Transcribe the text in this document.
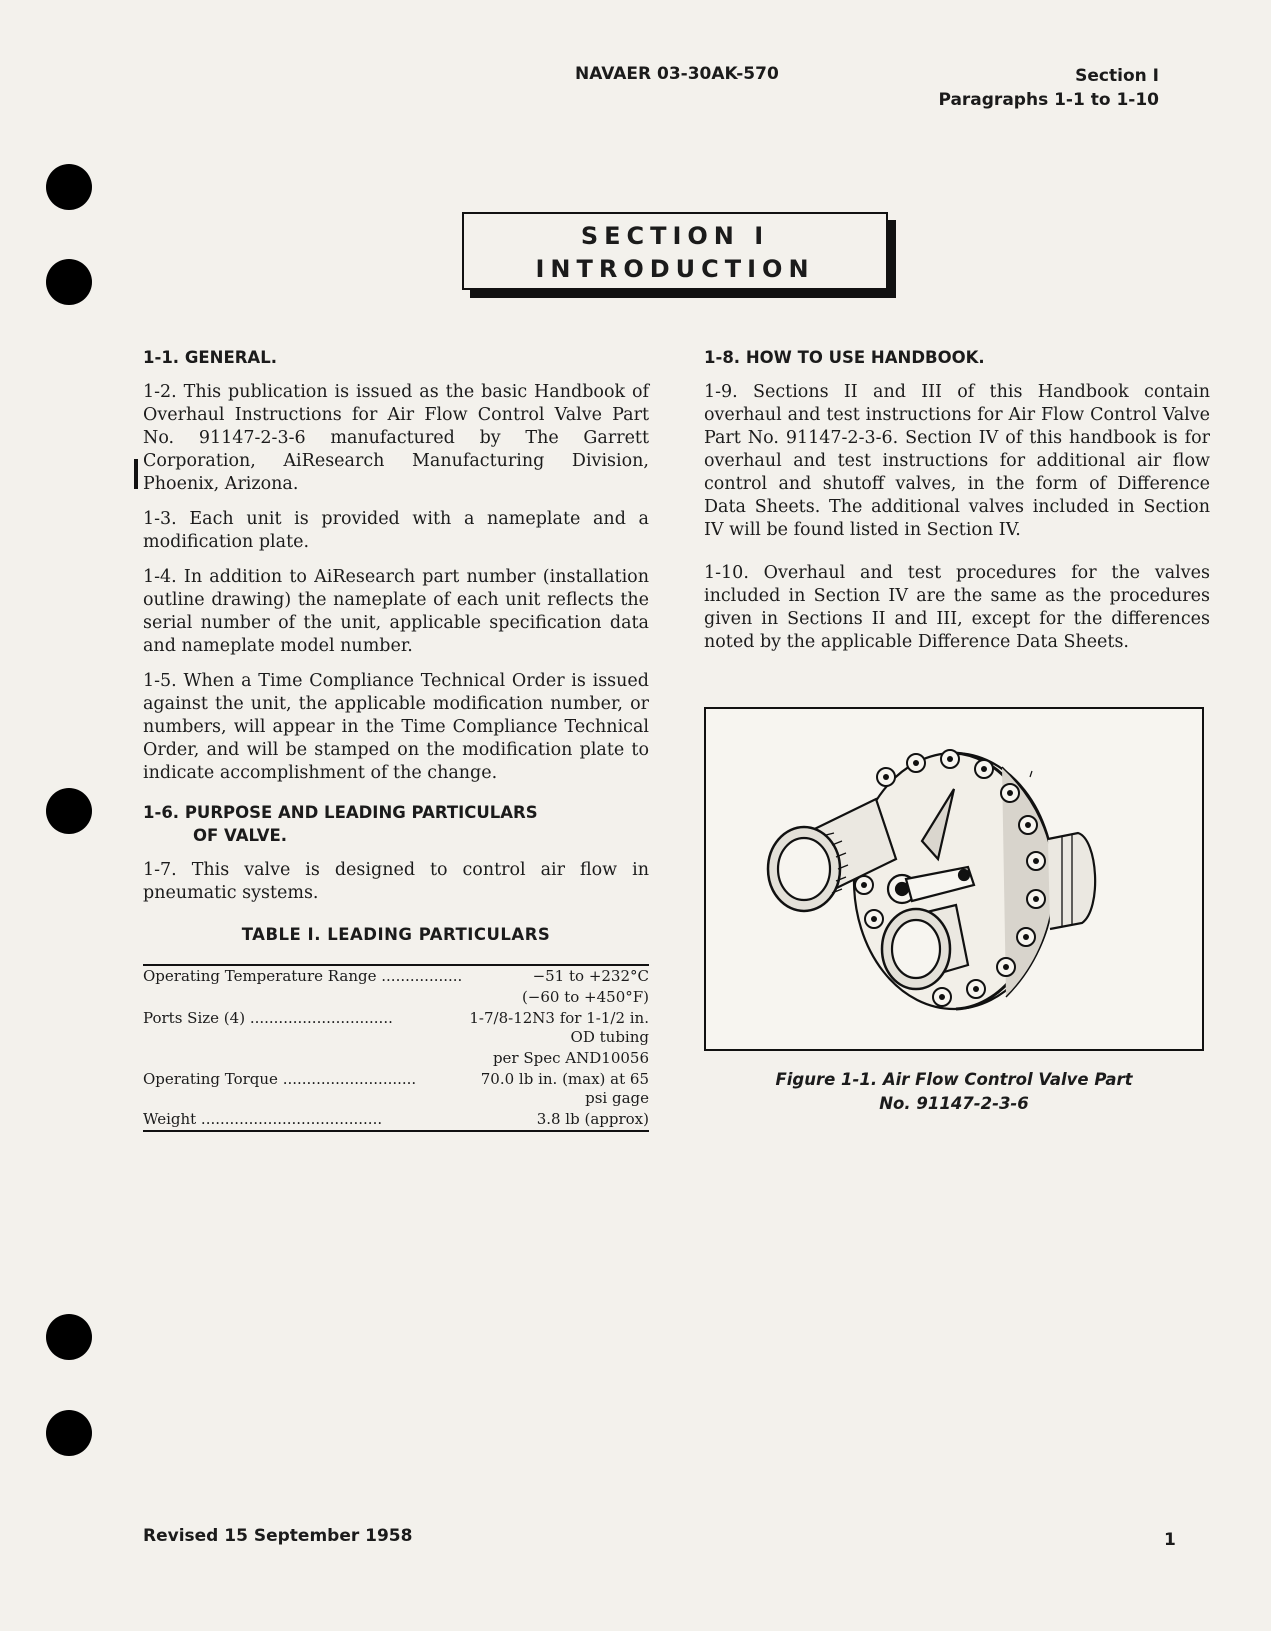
NAVAER 03-30AK-570	Section I
Paragraphs 1-1 to 1-10
SECTION I
INTRODUCTION
1-1. GENERAL.

1-2. This publication is issued as the basic Handbook of Overhaul Instructions for Air Flow Control Valve Part No. 91147-2-3-6 manufactured by The Garrett Corporation, AiResearch Manufacturing Division, Phoenix, Arizona.

1-3. Each unit is provided with a nameplate and a modification plate.

1-4. In addition to AiResearch part number (installation outline drawing) the nameplate of each unit reflects the serial number of the unit, applicable specification data and nameplate model number.

1-5. When a Time Compliance Technical Order is issued against the unit, the applicable modification number, or numbers, will appear in the Time Compliance Technical Order, and will be stamped on the modification plate to indicate accomplishment of the change.

1-6. PURPOSE AND LEADING PARTICULARS
OF VALVE.

1-7. This valve is designed to control air flow in pneumatic systems.

TABLE I. LEADING PARTICULARS
Operating Temperature Range .................	−51 to +232°C
	(−60 to +450°F)
Ports Size (4) ..............................	1-7/8-12N3 for 1-1/2 in. OD tubing
	per Spec AND10056
Operating Torque ............................	70.0 lb in. (max) at 65 psi gage
Weight ......................................	3.8 lb (approx)
1-8. HOW TO USE HANDBOOK.

1-9. Sections II and III of this Handbook contain overhaul and test instructions for Air Flow Control Valve Part No. 91147-2-3-6. Section IV of this handbook is for overhaul and test instructions for additional air flow control and shutoff valves, in the form of Difference Data Sheets. The additional valves included in Section IV will be found listed in Section IV.

1-10. Overhaul and test procedures for the valves included in Section IV are the same as the procedures given in Sections II and III, except for the differences noted by the applicable Difference Data Sheets.

Figure 1-1. Air Flow Control Valve Part
No. 91147-2-3-6
Revised 15 September 1958	1
